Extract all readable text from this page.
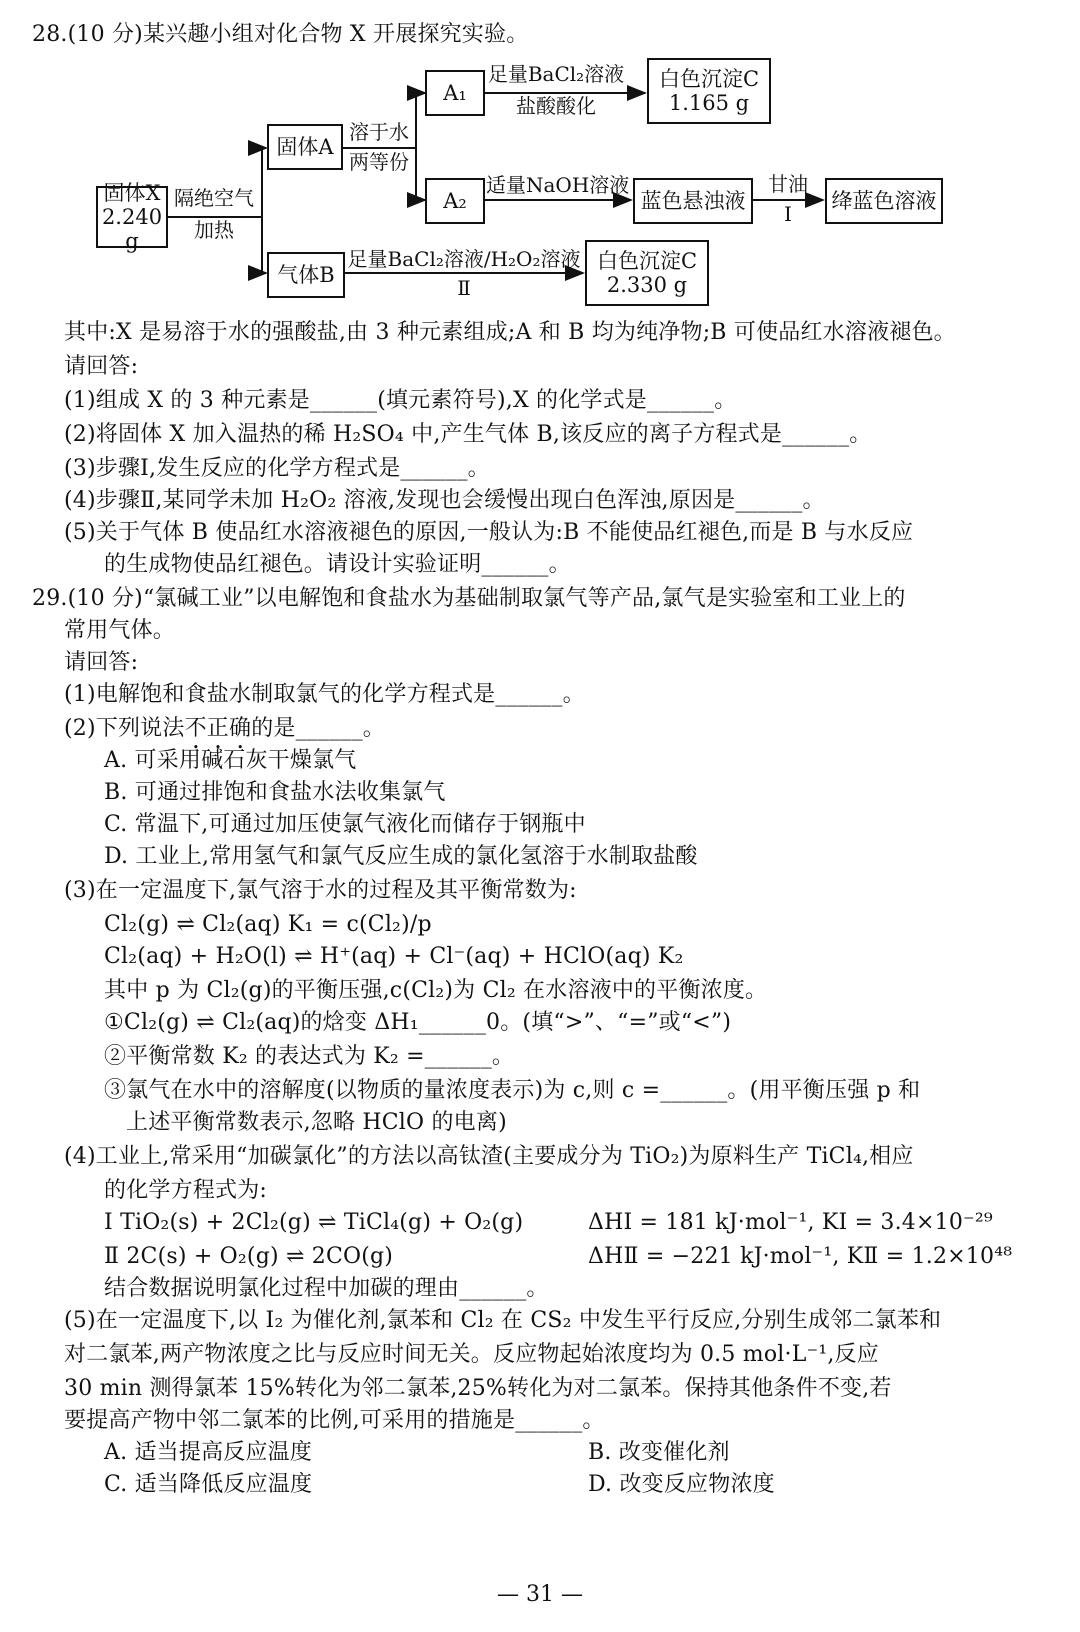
28.(10 分)某兴趣小组对化合物 X 开展探究实验。
固体X
2.240 g
隔绝空气
加热
固体A
溶于水
两等份
A₁
足量BaCl₂溶液
盐酸酸化
白色沉淀C
1.165 g
A₂
适量NaOH溶液
蓝色悬浊液
甘油
Ⅰ
绛蓝色溶液
气体B
足量BaCl₂溶液/H₂O₂溶液
Ⅱ
白色沉淀C
2.330 g
其中:X 是易溶于水的强酸盐,由 3 种元素组成;A 和 B 均为纯净物;B 可使品红水溶液褪色。
请回答:
(1)组成 X 的 3 种元素是______(填元素符号),X 的化学式是______。
(2)将固体 X 加入温热的稀 H₂SO₄ 中,产生气体 B,该反应的离子方程式是______。
(3)步骤Ⅰ,发生反应的化学方程式是______。
(4)步骤Ⅱ,某同学未加 H₂O₂ 溶液,发现也会缓慢出现白色浑浊,原因是______。
(5)关于气体 B 使品红水溶液褪色的原因,一般认为:B 不能使品红褪色,而是 B 与水反应
的生成物使品红褪色。请设计实验证明______。
29.(10 分)“氯碱工业”以电解饱和食盐水为基础制取氯气等产品,氯气是实验室和工业上的
常用气体。
请回答:
(1)电解饱和食盐水制取氯气的化学方程式是______。
(2)下列说法不正确的是______。
A. 可采用碱石灰干燥氯气
B. 可通过排饱和食盐水法收集氯气
C. 常温下,可通过加压使氯气液化而储存于钢瓶中
D. 工业上,常用氢气和氯气反应生成的氯化氢溶于水制取盐酸
(3)在一定温度下,氯气溶于水的过程及其平衡常数为:
Cl₂(g) ⇌ Cl₂(aq) K₁ = c(Cl₂)/p
Cl₂(aq) + H₂O(l) ⇌ H⁺(aq) + Cl⁻(aq) + HClO(aq) K₂
其中 p 为 Cl₂(g)的平衡压强,c(Cl₂)为 Cl₂ 在水溶液中的平衡浓度。
①Cl₂(g) ⇌ Cl₂(aq)的焓变 ΔH₁______0。(填“>”、“=”或“<”)
②平衡常数 K₂ 的表达式为 K₂ =______。
③氯气在水中的溶解度(以物质的量浓度表示)为 c,则 c =______。(用平衡压强 p 和
上述平衡常数表示,忽略 HClO 的电离)
(4)工业上,常采用“加碳氯化”的方法以高钛渣(主要成分为 TiO₂)为原料生产 TiCl₄,相应
的化学方程式为:
Ⅰ TiO₂(s) + 2Cl₂(g) ⇌ TiCl₄(g) + O₂(g)	ΔHⅠ = 181 kJ·mol⁻¹, KⅠ = 3.4×10⁻²⁹
Ⅱ 2C(s) + O₂(g) ⇌ 2CO(g)	ΔHⅡ = −221 kJ·mol⁻¹, KⅡ = 1.2×10⁴⁸
结合数据说明氯化过程中加碳的理由______。
(5)在一定温度下,以 I₂ 为催化剂,氯苯和 Cl₂ 在 CS₂ 中发生平行反应,分别生成邻二氯苯和
对二氯苯,两产物浓度之比与反应时间无关。反应物起始浓度均为 0.5 mol·L⁻¹,反应
30 min 测得氯苯 15%转化为邻二氯苯,25%转化为对二氯苯。保持其他条件不变,若
要提高产物中邻二氯苯的比例,可采用的措施是______。
A. 适当提高反应温度	B. 改变催化剂
C. 适当降低反应温度	D. 改变反应物浓度
— 31 —
